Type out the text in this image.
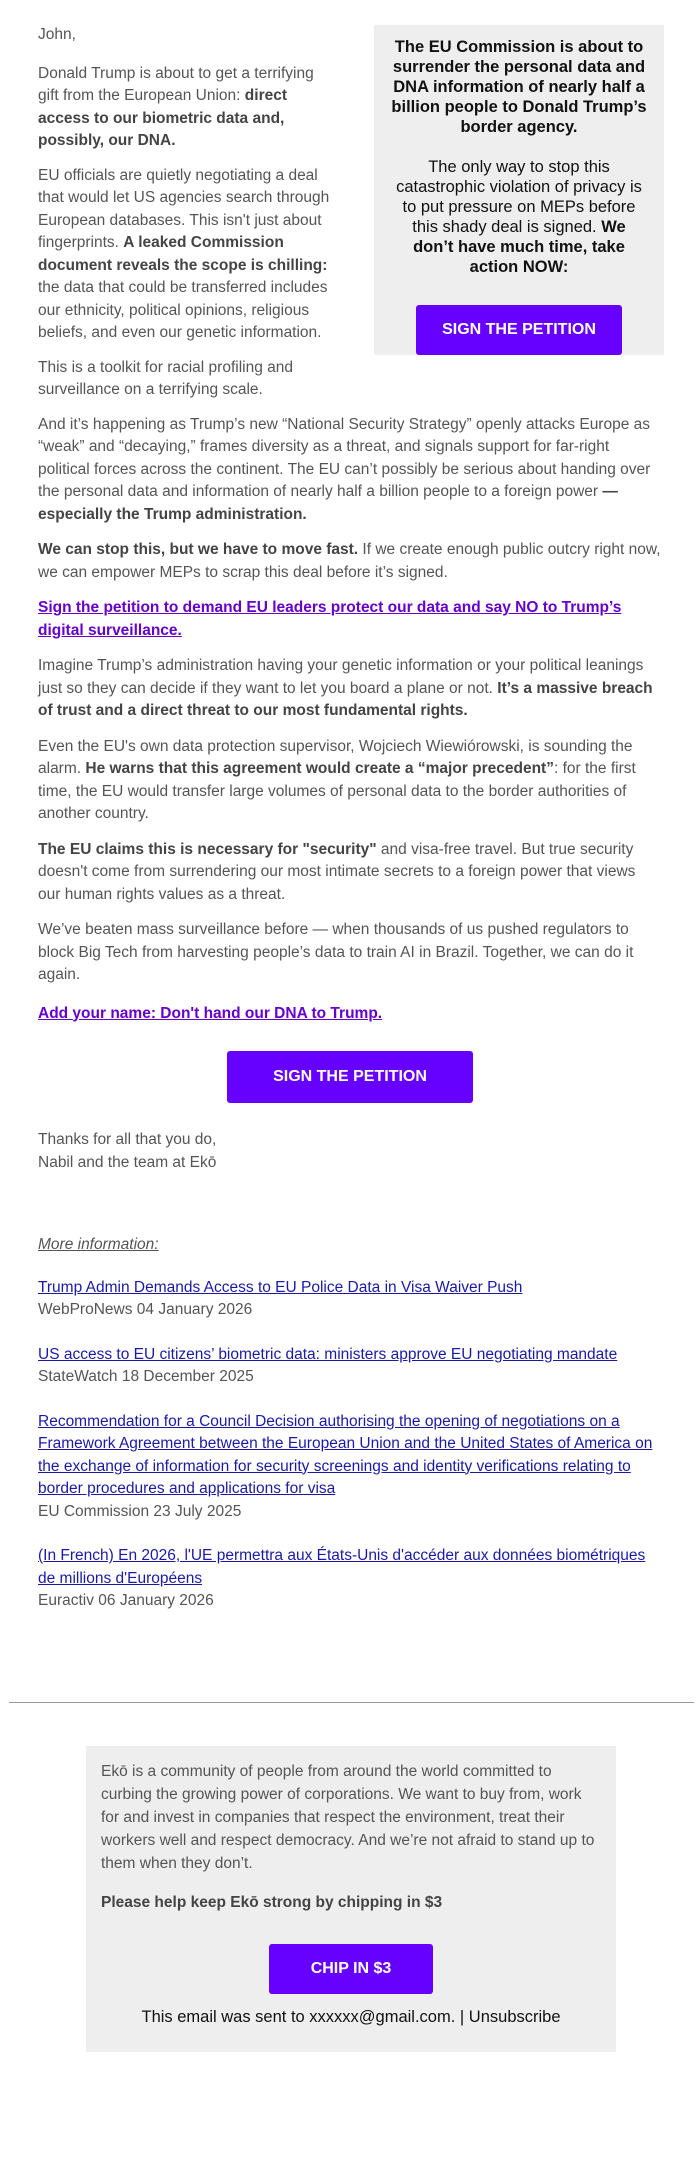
The EU Commission is about to surrender the personal data and DNA information of nearly half a billion people to Donald Trump’s border agency.
The only way to stop this catastrophic violation of privacy is to put pressure on MEPs before this shady deal is signed. We don’t have much time, take action NOW:
SIGN THE PETITION

John,

Donald Trump is about to get a terrifying gift from the European Union: direct access to our biometric data and, possibly, our DNA.

EU officials are quietly negotiating a deal that would let US agencies search through European databases. This isn't just about fingerprints. A leaked Commission document reveals the scope is chilling: the data that could be transferred includes our ethnicity, political opinions, religious beliefs, and even our genetic information.

This is a toolkit for racial profiling and surveillance on a terrifying scale.

And it’s happening as Trump’s new “National Security Strategy” openly attacks Europe as “weak” and “decaying,” frames diversity as a threat, and signals support for far-right political forces across the continent. The EU can’t possibly be serious about handing over the personal data and information of nearly half a billion people to a foreign power — especially the Trump administration.

We can stop this, but we have to move fast. If we create enough public outcry right now, we can empower MEPs to scrap this deal before it’s signed.

Sign the petition to demand EU leaders protect our data and say NO to Trump’s digital surveillance.

Imagine Trump’s administration having your genetic information or your political leanings just so they can decide if they want to let you board a plane or not. It’s a massive breach of trust and a direct threat to our most fundamental rights.

Even the EU's own data protection supervisor, Wojciech Wiewiórowski, is sounding the alarm. He warns that this agreement would create a “major precedent”: for the first time, the EU would transfer large volumes of personal data to the border authorities of another country.

The EU claims this is necessary for "security" and visa-free travel. But true security doesn't come from surrendering our most intimate secrets to a foreign power that views our human rights values as a threat.

We’ve beaten mass surveillance before — when thousands of us pushed regulators to block Big Tech from harvesting people’s data to train AI in Brazil. Together, we can do it again.

Add your name: Don't hand our DNA to Trump.

SIGN THE PETITION

Thanks for all that you do,

Nabil and the team at Ekō

More information:

Trump Admin Demands Access to EU Police Data in Visa Waiver Push
WebProNews 04 January 2026
US access to EU citizens’ biometric data: ministers approve EU negotiating mandate
StateWatch 18 December 2025
Recommendation for a Council Decision authorising the opening of negotiations on a Framework Agreement between the European Union and the United States of America on the exchange of information for security screenings and identity verifications relating to border procedures and applications for visa
EU Commission 23 July 2025
(In French) En 2026, l'UE permettra aux États-Unis d'accéder aux données biométriques de millions d'Européens
Euractiv 06 January 2026

Ekō is a community of people from around the world committed to curbing the growing power of corporations. We want to buy from, work for and invest in companies that respect the environment, treat their workers well and respect democracy. And we’re not afraid to stand up to them when they don’t.

Please help keep Ekō strong by chipping in $3

CHIP IN $3
This email was sent to xxxxxx@gmail.com. | Unsubscribe
